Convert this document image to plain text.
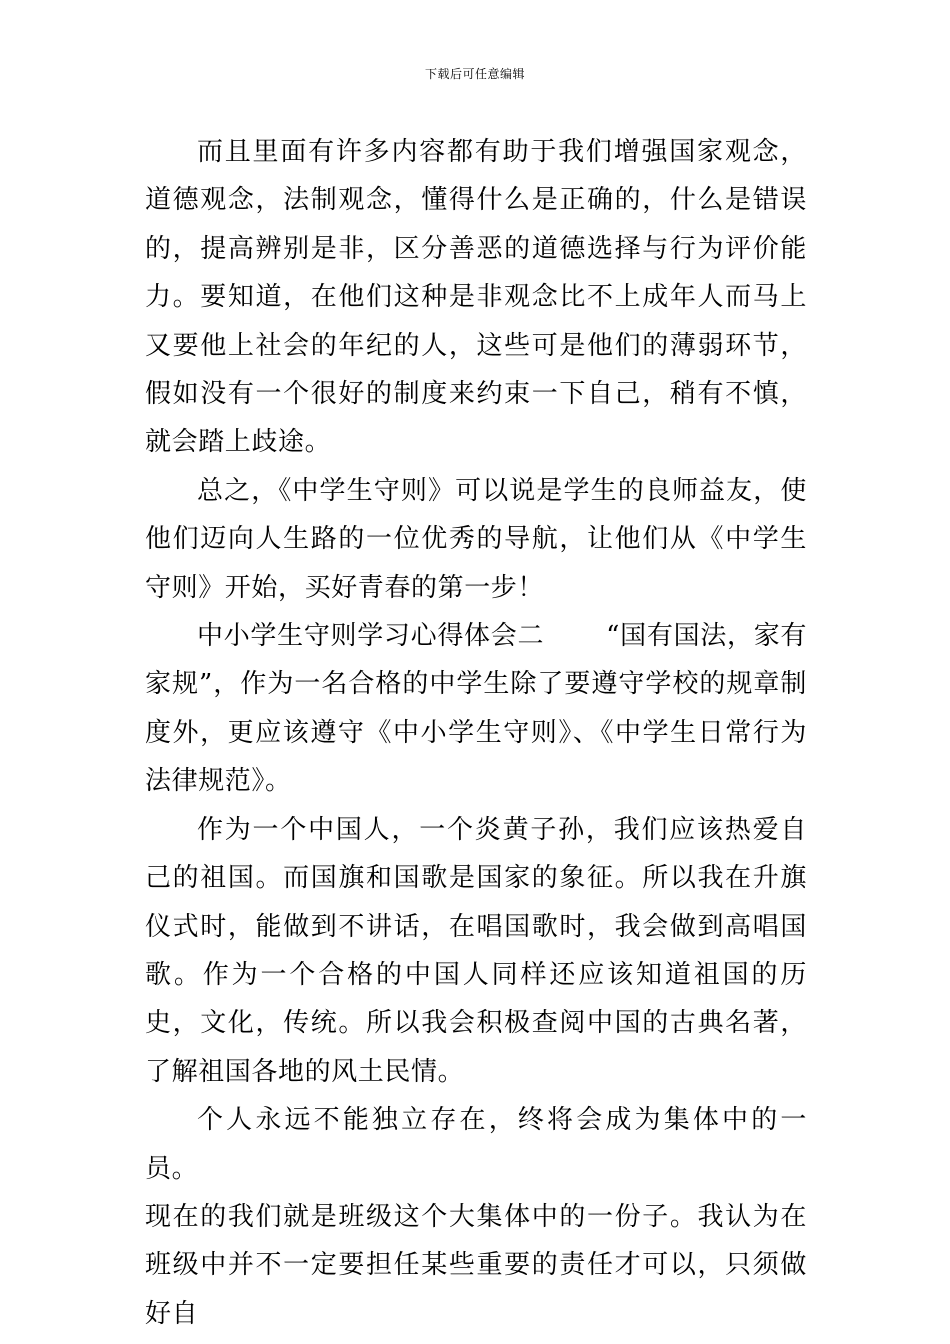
下载后可任意编辑

而且里面有许多内容都有助于我们增强国家观念，道德观念，法制观念，懂得什么是正确的，什么是错误的，提高辨别是非，区分善恶的道德选择与行为评价能力。要知道，在他们这种是非观念比不上成年人而马上又要他上社会的年纪的人，这些可是他们的薄弱环节，假如没有一个很好的制度来约束一下自己，稍有不慎，就会踏上歧途。

总之，《中学生守则》可以说是学生的良师益友，使他们迈向人生路的一位优秀的导航，让他们从《中学生守则》开始，买好青春的第一步！

中小学生守则学习心得体会二 “国有国法，家有家规”，作为一名合格的中学生除了要遵守学校的规章制度外，更应该遵守《中小学生守则》、《中学生日常行为法律规范》。

作为一个中国人，一个炎黄子孙，我们应该热爱自己的祖国。而国旗和国歌是国家的象征。所以我在升旗仪式时，能做到不讲话，在唱国歌时，我会做到高唱国歌。作为一个合格的中国人同样还应该知道祖国的历史，文化，传统。所以我会积极查阅中国的古典名著，了解祖国各地的风土民情。

个人永远不能独立存在，终将会成为集体中的一员。

现在的我们就是班级这个大集体中的一份子。我认为在班级中并不一定要担任某些重要的责任才可以，只须做好自
